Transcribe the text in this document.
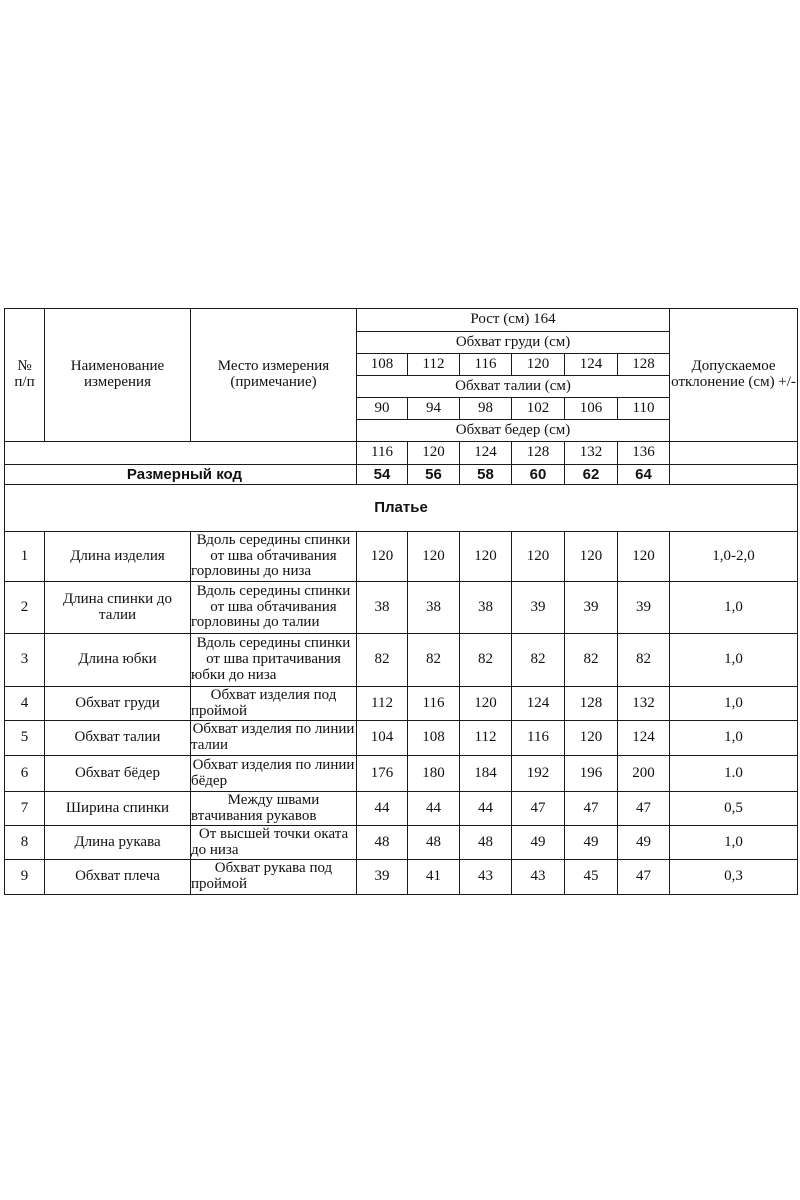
№
п/п	Наименование измерения	Место измерения (примечание)	Рост (см) 164						Допускаемое отклонение (см) +/-
			Обхват груди (см)						
			108	112	116	120	124	128	
			Обхват талии (см)						
			90	94	98	102	106	110	
			Обхват бедер (см)						
			116	120	124	128	132	136	
Размерный код			54	56	58	60	62	64	
Платье									
1	Длина изделия	Вдоль середины спинки от шва обтачивания горловины до низа	120	120	120	120	120	120	1,0-2,0
2	Длина спинки до талии	Вдоль середины спинки от шва обтачивания горловины до талии	38	38	38	39	39	39	1,0
3	Длина юбки	Вдоль середины спинки от шва притачивания юбки до низа	82	82	82	82	82	82	1,0
4	Обхват груди	Обхват изделия под проймой	112	116	120	124	128	132	1,0
5	Обхват талии	Обхват изделия по линии талии	104	108	112	116	120	124	1,0
6	Обхват бёдер	Обхват изделия по линии бёдер	176	180	184	192	196	200	1.0
7	Ширина спинки	Между швами втачивания рукавов	44	44	44	47	47	47	0,5
8	Длина рукава	От высшей точки оката до низа	48	48	48	49	49	49	1,0
9	Обхват плеча	Обхват рукава под проймой	39	41	43	43	45	47	0,3
